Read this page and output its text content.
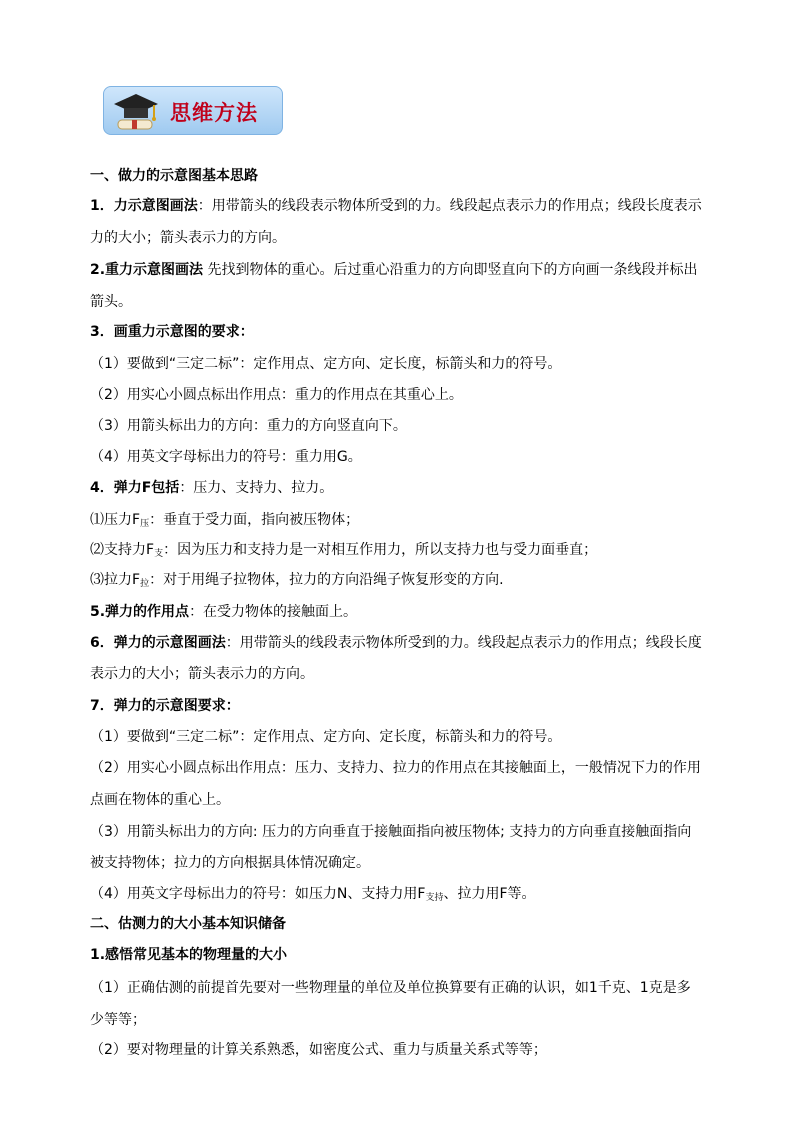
思维方法
一、做力的示意图基本思路
1．力示意图画法：用带箭头的线段表示物体所受到的力。线段起点表示力的作用点；线段长度表示
力的大小；箭头表示力的方向。
2.重力示意图画法 先找到物体的重心。后过重心沿重力的方向即竖直向下的方向画一条线段并标出
箭头。
3．画重力示意图的要求：
（1）要做到“三定二标”：定作用点、定方向、定长度，标箭头和力的符号。
（2）用实心小圆点标出作用点：重力的作用点在其重心上。
（3）用箭头标出力的方向：重力的方向竖直向下。
（4）用英文字母标出力的符号：重力用G。
4．弹力F包括：压力、支持力、拉力。
⑴压力$F_压$：垂直于受力面，指向被压物体；
⑵支持力$F_支$：因为压力和支持力是一对相互作用力，所以支持力也与受力面垂直；
⑶拉力$F_拉$：对于用绳子拉物体，拉力的方向沿绳子恢复形变的方向.
5.弹力的作用点：在受力物体的接触面上。
6．弹力的示意图画法：用带箭头的线段表示物体所受到的力。线段起点表示力的作用点；线段长度
表示力的大小；箭头表示力的方向。
7．弹力的示意图要求：
（1）要做到“三定二标”：定作用点、定方向、定长度，标箭头和力的符号。
（2）用实心小圆点标出作用点：压力、支持力、拉力的作用点在其接触面上，一般情况下力的作用
点画在物体的重心上。
（3）用箭头标出力的方向: 压力的方向垂直于接触面指向被压物体; 支持力的方向垂直接触面指向
被支持物体；拉力的方向根据具体情况确定。
（4）用英文字母标出力的符号：如压力N、支持力用$F_{支持}$、拉力用F等。
二、估测力的大小基本知识储备
1.感悟常见基本的物理量的大小
（1）正确估测的前提首先要对一些物理量的单位及单位换算要有正确的认识，如1千克、1克是多
少等等；
（2）要对物理量的计算关系熟悉，如密度公式、重力与质量关系式等等；
